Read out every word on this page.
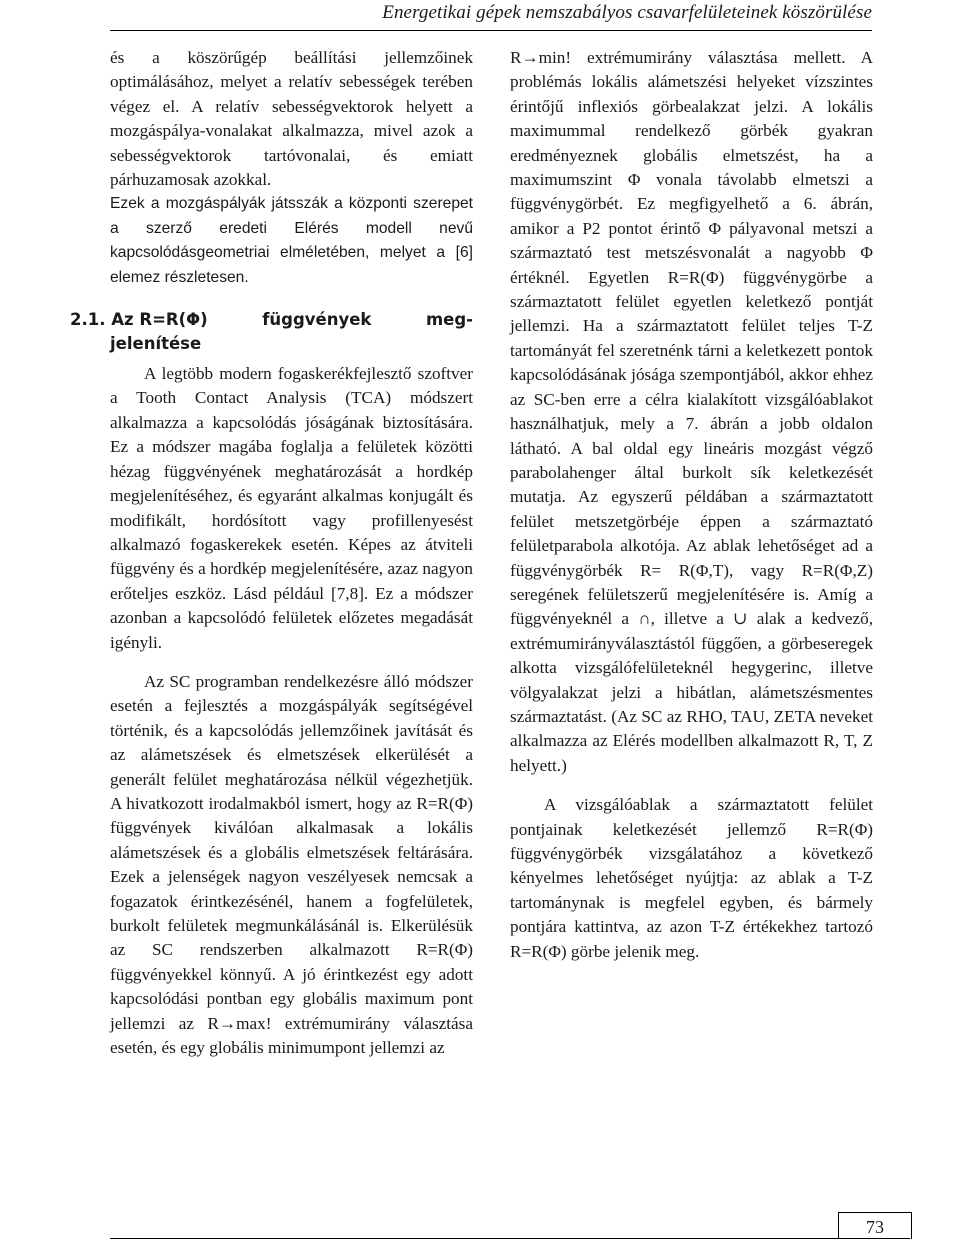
Energetikai gépek nemszabályos csavarfelületeinek köszörülése

és a köszörűgép beállítási jellemzőinek optimálásához, melyet a relatív sebességek terében végez el. A relatív sebességvektorok helyett a mozgáspálya-vonalakat alkalmazza, mivel azok a sebességvektorok tartóvonalai, és emiatt párhuzamosak azokkal.

Ezek a mozgáspályák játsszák a központi szerepet a szerző eredeti Elérés modell nevű kapcsolódásgeometriai elméletében, melyet a [6] elemez részletesen.

2.1. Az R=R(Φ)	függvények	meg-
jelenítése

A legtöbb modern fogaskerékfejlesztő szoftver a Tooth Contact Analysis (TCA) módszert alkalmazza a kapcsolódás jóságának biztosítására. Ez a módszer magába foglalja a felületek közötti hézag függvényének meghatározását a hordkép megjelenítéséhez, és egyaránt alkalmas konjugált és modifikált, hordósított vagy profillenyesést alkalmazó fogaskerekek esetén. Képes az átviteli függvény és a hordkép megjelenítésére, azaz nagyon erőteljes eszköz. Lásd például [7,8]. Ez a módszer azonban a kapcsolódó felületek előzetes megadását igényli.

Az SC programban rendelkezésre álló módszer esetén a fejlesztés a mozgáspályák segítségével történik, és a kapcsolódás jellemzőinek javítását és az alámetszések és elmetszések elkerülését a generált felület meghatározása nélkül végezhetjük. A hivatkozott irodalmakból ismert, hogy az R=R(Φ) függvények kiválóan alkalmasak a lokális alámetszések és a globális elmetszések feltárására. Ezek a jelenségek nagyon veszélyesek nemcsak a fogazatok érintkezésénél, hanem a fogfelületek, burkolt felületek megmunkálásánál is. Elkerülésük az SC rendszerben alkalmazott R=R(Φ) függvényekkel könnyű. A jó érintkezést egy adott kapcsolódási pontban egy globális maximum pont jellemzi az R→max! extrémumirány választása esetén, és egy globális minimumpont jellemzi az

R→min! extrémumirány választása mellett. A problémás lokális alámetszési helyeket vízszintes érintőjű inflexiós görbealakzat jelzi. A lokális maximummal rendelkező görbék gyakran eredményeznek globális elmetszést, ha a maximumszint Φ vonala távolabb elmetszi a függvénygörbét. Ez megfigyelhető a 6. ábrán, amikor a P2 pontot érintő Φ pályavonal metszi a származtató test metszésvonalát a nagyobb Φ értéknél. Egyetlen R=R(Φ) függvénygörbe a származtatott felület egyetlen keletkező pontját jellemzi. Ha a származtatott felület teljes T-Z tartományát fel szeretnénk tárni a keletkezett pontok kapcsolódásának jósága szempontjából, akkor ehhez az SC-ben erre a célra kialakított vizsgálóablakot használhatjuk, mely a 7. ábrán a jobb oldalon látható. A bal oldal egy lineáris mozgást végző parabolahenger által burkolt sík keletkezését mutatja. Az egyszerű példában a származtatott felület metszetgörbéje éppen a származtató felületparabola alkotója. Az ablak lehetőséget ad a függvénygörbék R= R(Φ,T), vagy R=R(Φ,Z) seregének felületszerű megjelenítésére is. Amíg a függvényeknél a ∩, illetve a ∪ alak a kedvező, extrémumirányválasztástól függően, a görbeseregek alkotta vizsgálófelületeknél hegygerinc, illetve völgyalakzat jelzi a hibátlan, alámetszésmentes származtatást. (Az SC az RHO, TAU, ZETA neveket alkalmazza az Elérés modellben alkalmazott R, T, Z helyett.)

A vizsgálóablak a származtatott felület pontjainak keletkezését jellemző R=R(Φ) függvénygörbék vizsgálatához a következő kényelmes lehetőséget nyújtja: az ablak a T-Z tartománynak is megfelel egyben, és bármely pontjára kattintva, az azon T-Z értékekhez tartozó R=R(Φ) görbe jelenik meg.

73
